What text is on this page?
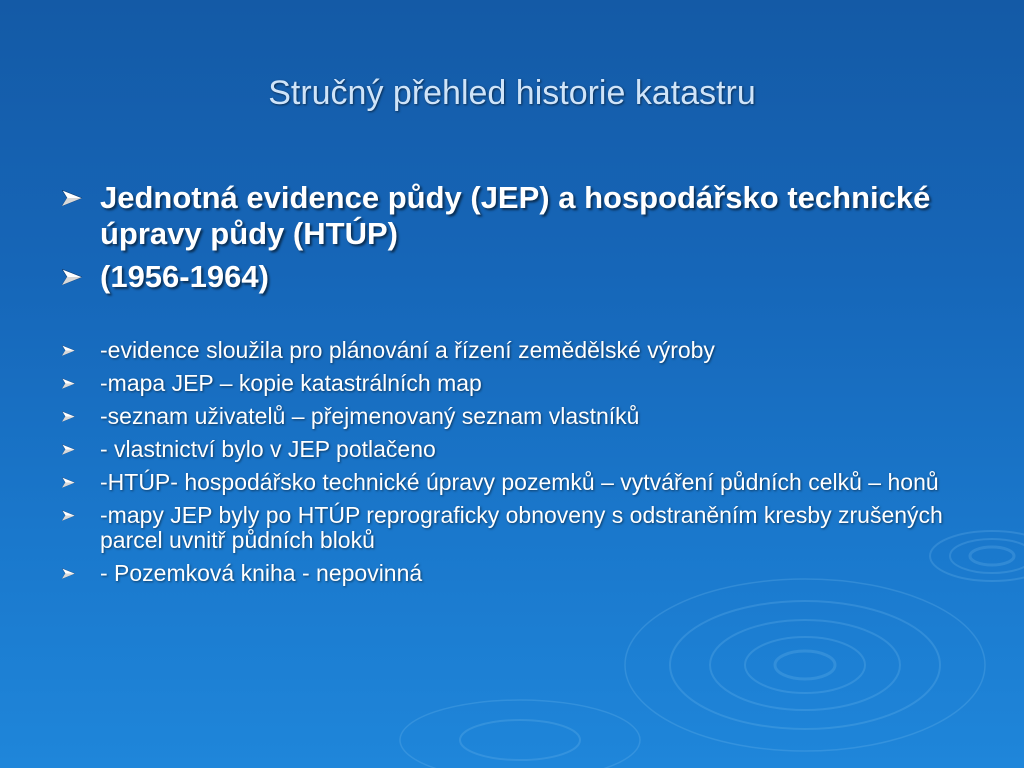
Stručný přehled historie katastru
Jednotná evidence půdy (JEP) a hospodářsko technické úpravy půdy (HTÚP)
(1956-1964)
-evidence sloužila pro plánování a řízení zemědělské výroby
-mapa JEP – kopie katastrálních map
-seznam uživatelů – přejmenovaný seznam vlastníků
- vlastnictví bylo v JEP potlačeno
-HTÚP- hospodářsko technické úpravy pozemků – vytváření půdních celků – honů
-mapy JEP byly po HTÚP reprograficky obnoveny s odstraněním kresby zrušených parcel uvnitř půdních bloků
- Pozemková kniha - nepovinná
